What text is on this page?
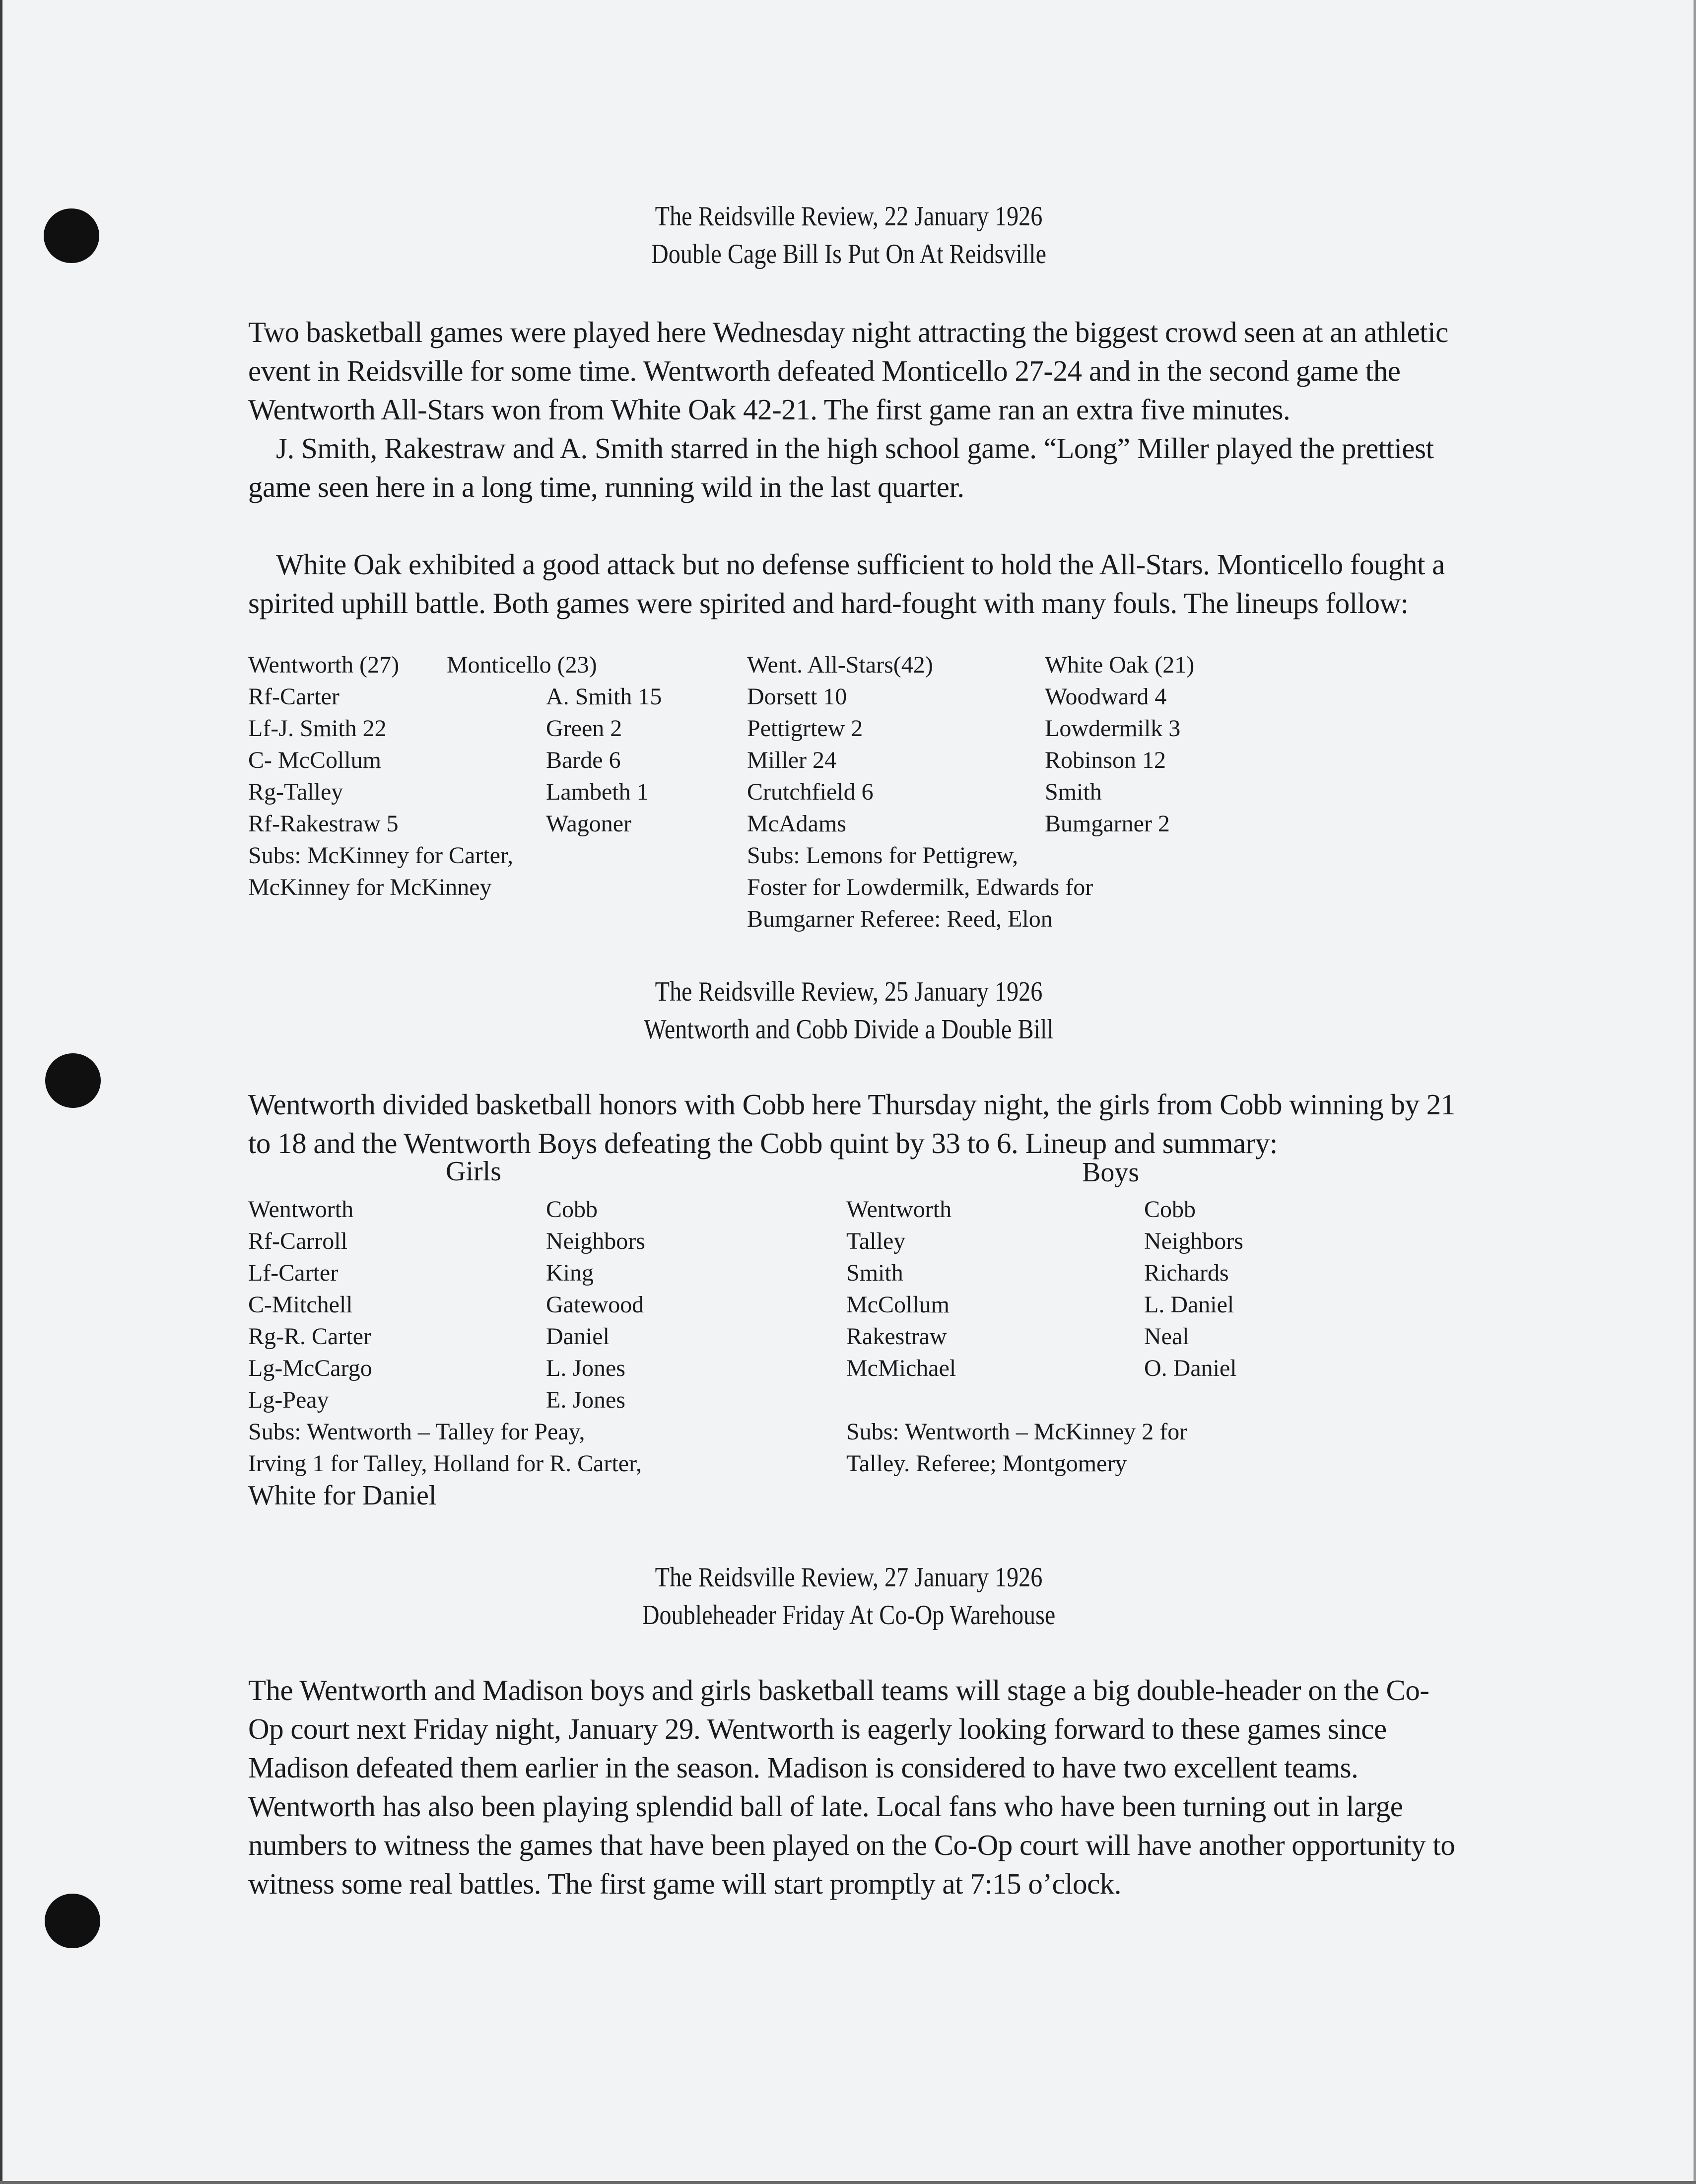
The Reidsville Review, 22 January 1926
Double Cage Bill Is Put On At Reidsville

Two basketball games were played here Wednesday night attracting the biggest crowd seen at an athletic event in Reidsville for some time. Wentworth defeated Monticello 27-24 and in the second game the Wentworth All-Stars won from White Oak 42-21. The first game ran an extra five minutes.

J. Smith, Rakestraw and A. Smith starred in the high school game. “Long” Miller played the prettiest game seen here in a long time, running wild in the last quarter.

White Oak exhibited a good attack but no defense sufficient to hold the All-Stars. Monticello fought a spirited uphill battle. Both games were spirited and hard-fought with many fouls. The lineups follow:

Wentworth (27)
Rf-Carter
Lf-J. Smith 22
C- McCollum
Rg-Talley
Rf-Rakestraw 5
Monticello (23)
A. Smith 15
Green 2
Barde 6
Lambeth 1
Wagoner
Went. All-Stars(42)
Dorsett 10
Pettigrtew 2
Miller 24
Crutchfield 6
McAdams
White Oak (21)
Woodward 4
Lowdermilk 3
Robinson 12
Smith
Bumgarner 2
Subs: McKinney for Carter,
McKinney for McKinney
Subs: Lemons for Pettigrew,
Foster for Lowdermilk, Edwards for
Bumgarner Referee: Reed, Elon
The Reidsville Review, 25 January 1926
Wentworth and Cobb Divide a Double Bill

Wentworth divided basketball honors with Cobb here Thursday night, the girls from Cobb winning by 21 to 18 and the Wentworth Boys defeating the Cobb quint by 33 to 6. Lineup and summary:

Girls	Boys
Wentworth
Rf-Carroll
Lf-Carter
C-Mitchell
Rg-R. Carter
Lg-McCargo
Lg-Peay
Cobb
Neighbors
King
Gatewood
Daniel
L. Jones
E. Jones
Subs: Wentworth – Talley for Peay,
Irving 1 for Talley, Holland for R. Carter,
White for Daniel
Wentworth
Talley
Smith
McCollum
Rakestraw
McMichael
Cobb
Neighbors
Richards
L. Daniel
Neal
O. Daniel
Subs: Wentworth – McKinney 2 for
Talley. Referee; Montgomery
The Reidsville Review, 27 January 1926
Doubleheader Friday At Co-Op Warehouse

The Wentworth and Madison boys and girls basketball teams will stage a big double-header on the Co-Op court next Friday night, January 29. Wentworth is eagerly looking forward to these games since Madison defeated them earlier in the season. Madison is considered to have two excellent teams. Wentworth has also been playing splendid ball of late. Local fans who have been turning out in large numbers to witness the games that have been played on the Co-Op court will have another opportunity to witness some real battles. The first game will start promptly at 7:15 o’clock.
